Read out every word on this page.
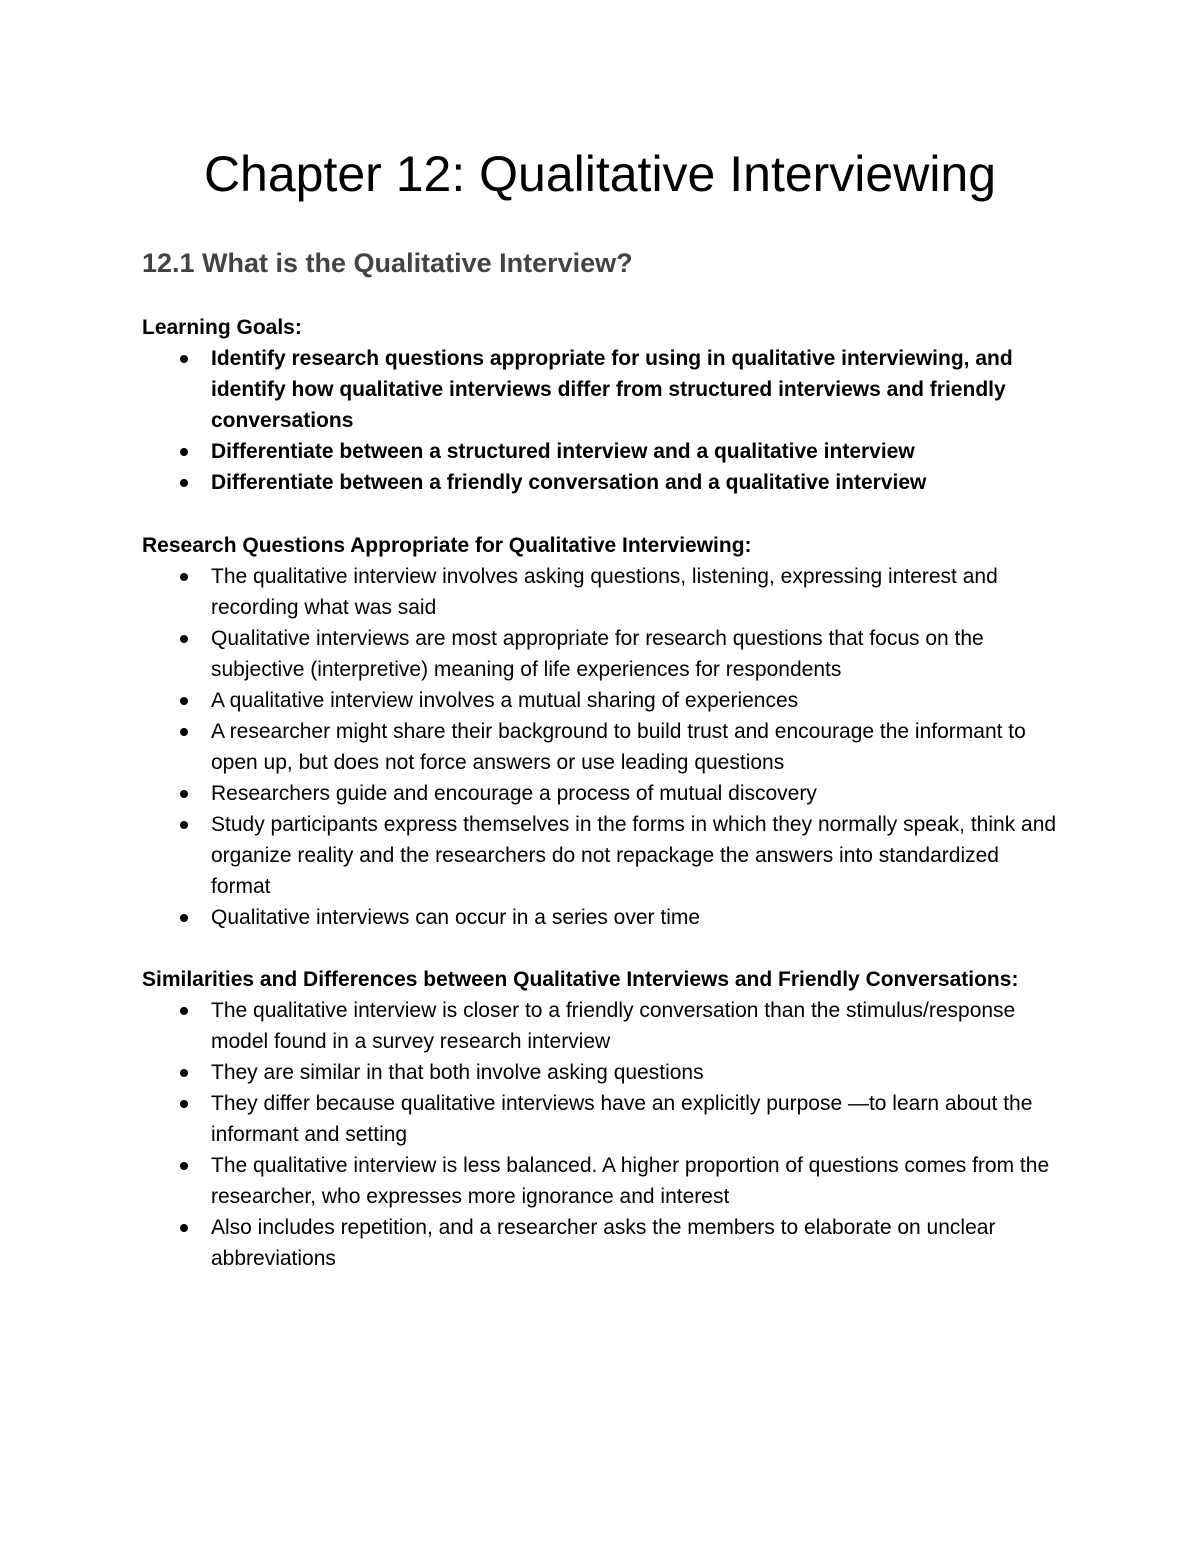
Chapter 12: Qualitative Interviewing
12.1 What is the Qualitative Interview?

Learning Goals:

Identify research questions appropriate for using in qualitative interviewing, and identify how qualitative interviews differ from structured interviews and friendly conversations
Differentiate between a structured interview and a qualitative interview
Differentiate between a friendly conversation and a qualitative interview

Research Questions Appropriate for Qualitative Interviewing:

The qualitative interview involves asking questions, listening, expressing interest and recording what was said
Qualitative interviews are most appropriate for research questions that focus on the subjective (interpretive) meaning of life experiences for respondents
A qualitative interview involves a mutual sharing of experiences
A researcher might share their background to build trust and encourage the informant to open up, but does not force answers or use leading questions
Researchers guide and encourage a process of mutual discovery
Study participants express themselves in the forms in which they normally speak, think and organize reality and the researchers do not repackage the answers into standardized format
Qualitative interviews can occur in a series over time

Similarities and Differences between Qualitative Interviews and Friendly Conversations:

The qualitative interview is closer to a friendly conversation than the stimulus/response model found in a survey research interview
They are similar in that both involve asking questions
They differ because qualitative interviews have an explicitly purpose —to learn about the informant and setting
The qualitative interview is less balanced. A higher proportion of questions comes from the researcher, who expresses more ignorance and interest
Also includes repetition, and a researcher asks the members to elaborate on unclear abbreviations
